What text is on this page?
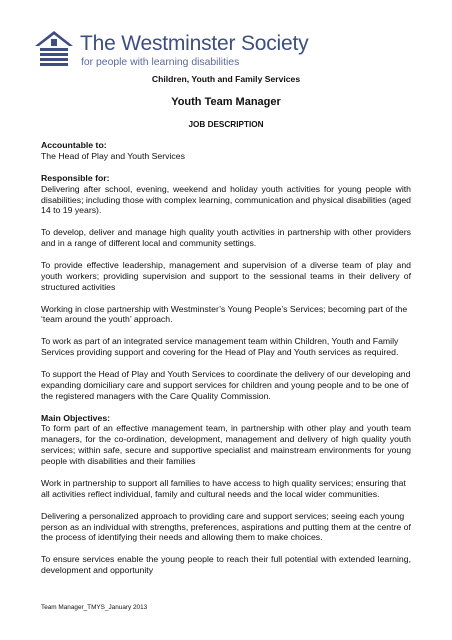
The Westminster Society
for people with learning disabilities
Children, Youth and Family Services
Youth Team Manager
JOB DESCRIPTION

Accountable to:
The Head of Play and Youth Services

Responsible for:
Delivering after school, evening, weekend and holiday youth activities for young people with disabilities; including those with complex learning, communication and physical disabilities (aged 14 to 19 years).

To develop, deliver and manage high quality youth activities in partnership with other providers and in a range of different local and community settings.

To provide effective leadership, management and supervision of a diverse team of play and youth workers; providing supervision and support to the sessional teams in their delivery of structured activities

Working in close partnership with Westminster’s Young People’s Services; becoming part of the ‘team around the youth’ approach.

To work as part of an integrated service management team within Children, Youth and Family Services providing support and covering for the Head of Play and Youth services as required.

To support the Head of Play and Youth Services to coordinate the delivery of our developing and expanding domiciliary care and support services for children and young people and to be one of the registered managers with the Care Quality Commission.

Main Objectives:
To form part of an effective management team, in partnership with other play and youth team managers, for the co-ordination, development, management and delivery of high quality youth services; within safe, secure and supportive specialist and mainstream environments for young people with disabilities and their families

Work in partnership to support all families to have access to high quality services; ensuring that all activities reflect individual, family and cultural needs and the local wider communities.

Delivering a personalized approach to providing care and support services; seeing each young person as an individual with strengths, preferences, aspirations and putting them at the centre of the process of identifying their needs and allowing them to make choices.

To ensure services enable the young people to reach their full potential with extended learning, development and opportunity

Team Manager_TMYS_January 2013
